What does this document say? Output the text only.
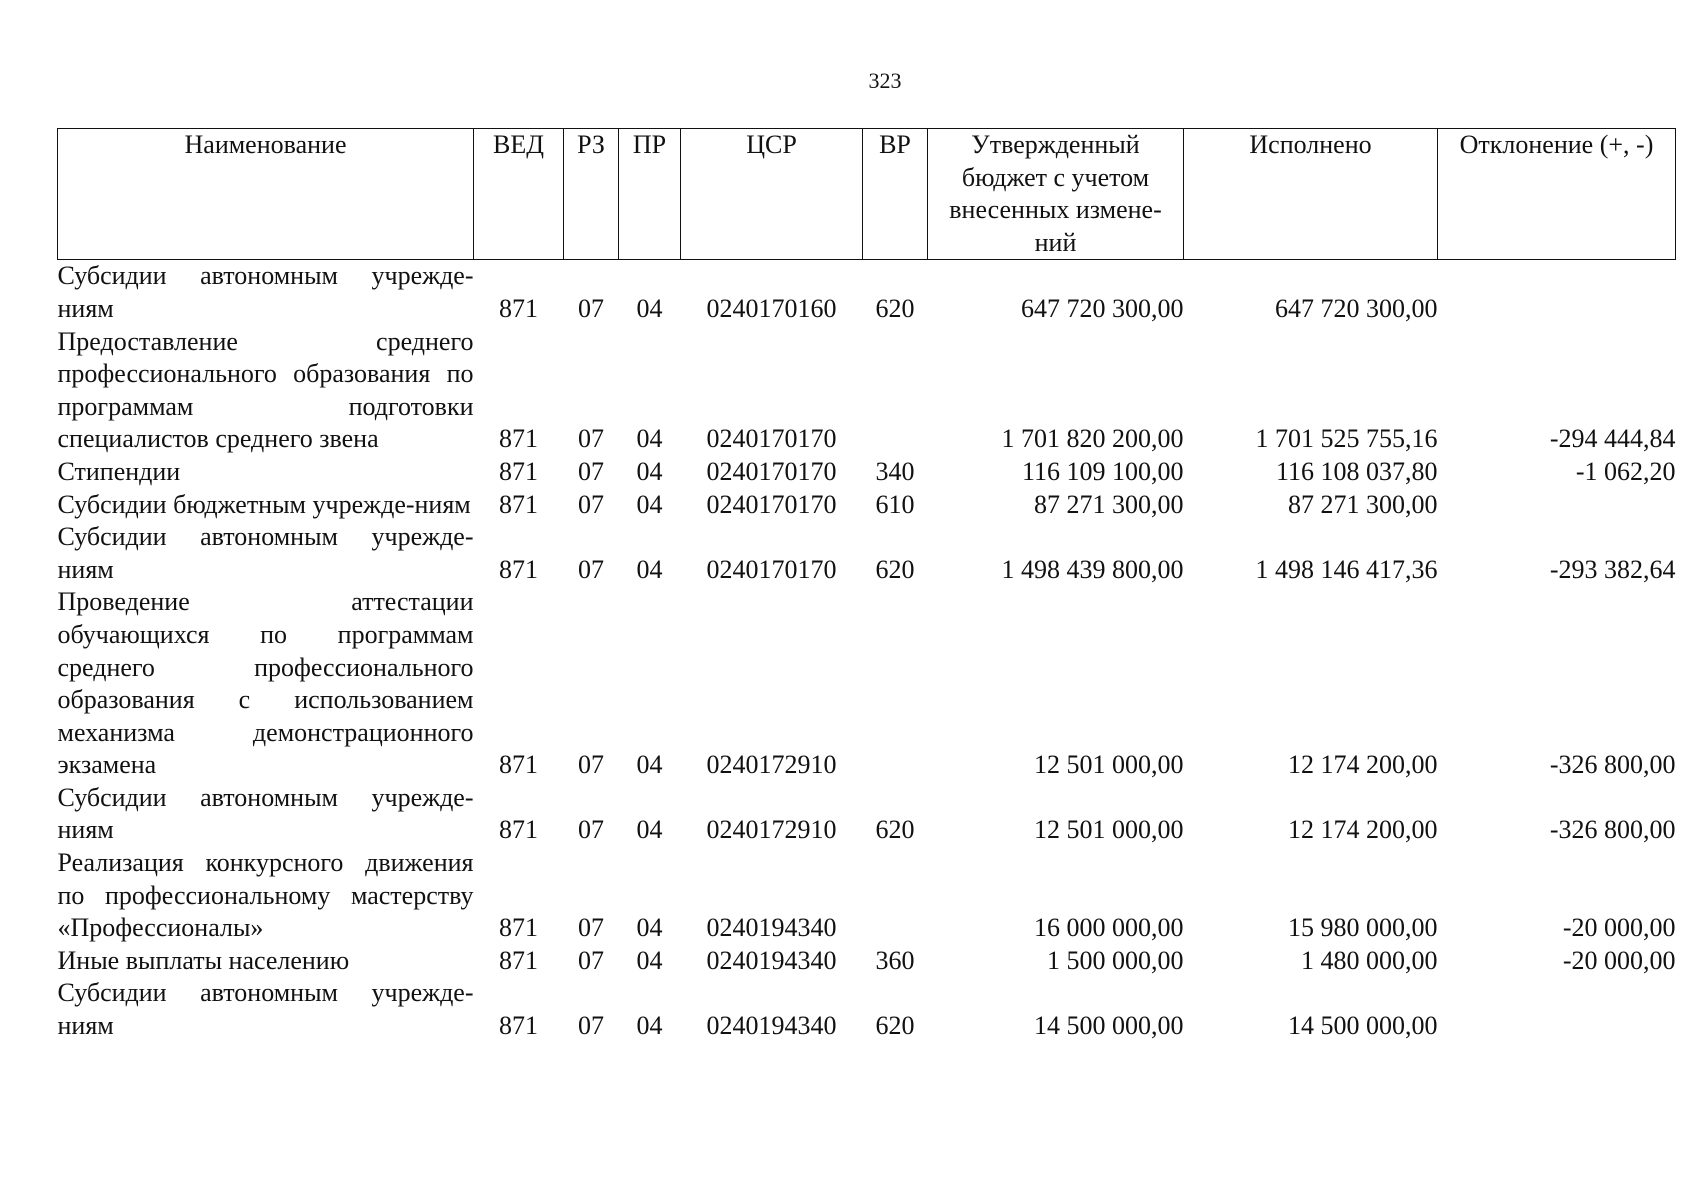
323
Наименование	ВЕД	РЗ	ПР	ЦСР	ВР	Утвержденный бюджет с учетом внесенных измене-ний	Исполнено	Отклонение (+, -)
Субсидии автономным учрежде-ниям	871	07	04	0240170160	620	647 720 300,00	647 720 300,00	
Предоставление среднего профессионального образования по программам подготовки специалистов среднего звена	871	07	04	0240170170		1 701 820 200,00	1 701 525 755,16	-294 444,84
Стипендии	871	07	04	0240170170	340	116 109 100,00	116 108 037,80	-1 062,20
Субсидии бюджетным учрежде-ниям	871	07	04	0240170170	610	87 271 300,00	87 271 300,00	
Субсидии автономным учрежде-ниям	871	07	04	0240170170	620	1 498 439 800,00	1 498 146 417,36	-293 382,64
Проведение аттестации обучающихся по программам среднего профессионального образования с использованием механизма демонстрационного экзамена	871	07	04	0240172910		12 501 000,00	12 174 200,00	-326 800,00
Субсидии автономным учрежде-ниям	871	07	04	0240172910	620	12 501 000,00	12 174 200,00	-326 800,00
Реализация конкурсного движения по профессиональному мастерству «Профессионалы»	871	07	04	0240194340		16 000 000,00	15 980 000,00	-20 000,00
Иные выплаты населению	871	07	04	0240194340	360	1 500 000,00	1 480 000,00	-20 000,00
Субсидии автономным учрежде-ниям	871	07	04	0240194340	620	14 500 000,00	14 500 000,00	
